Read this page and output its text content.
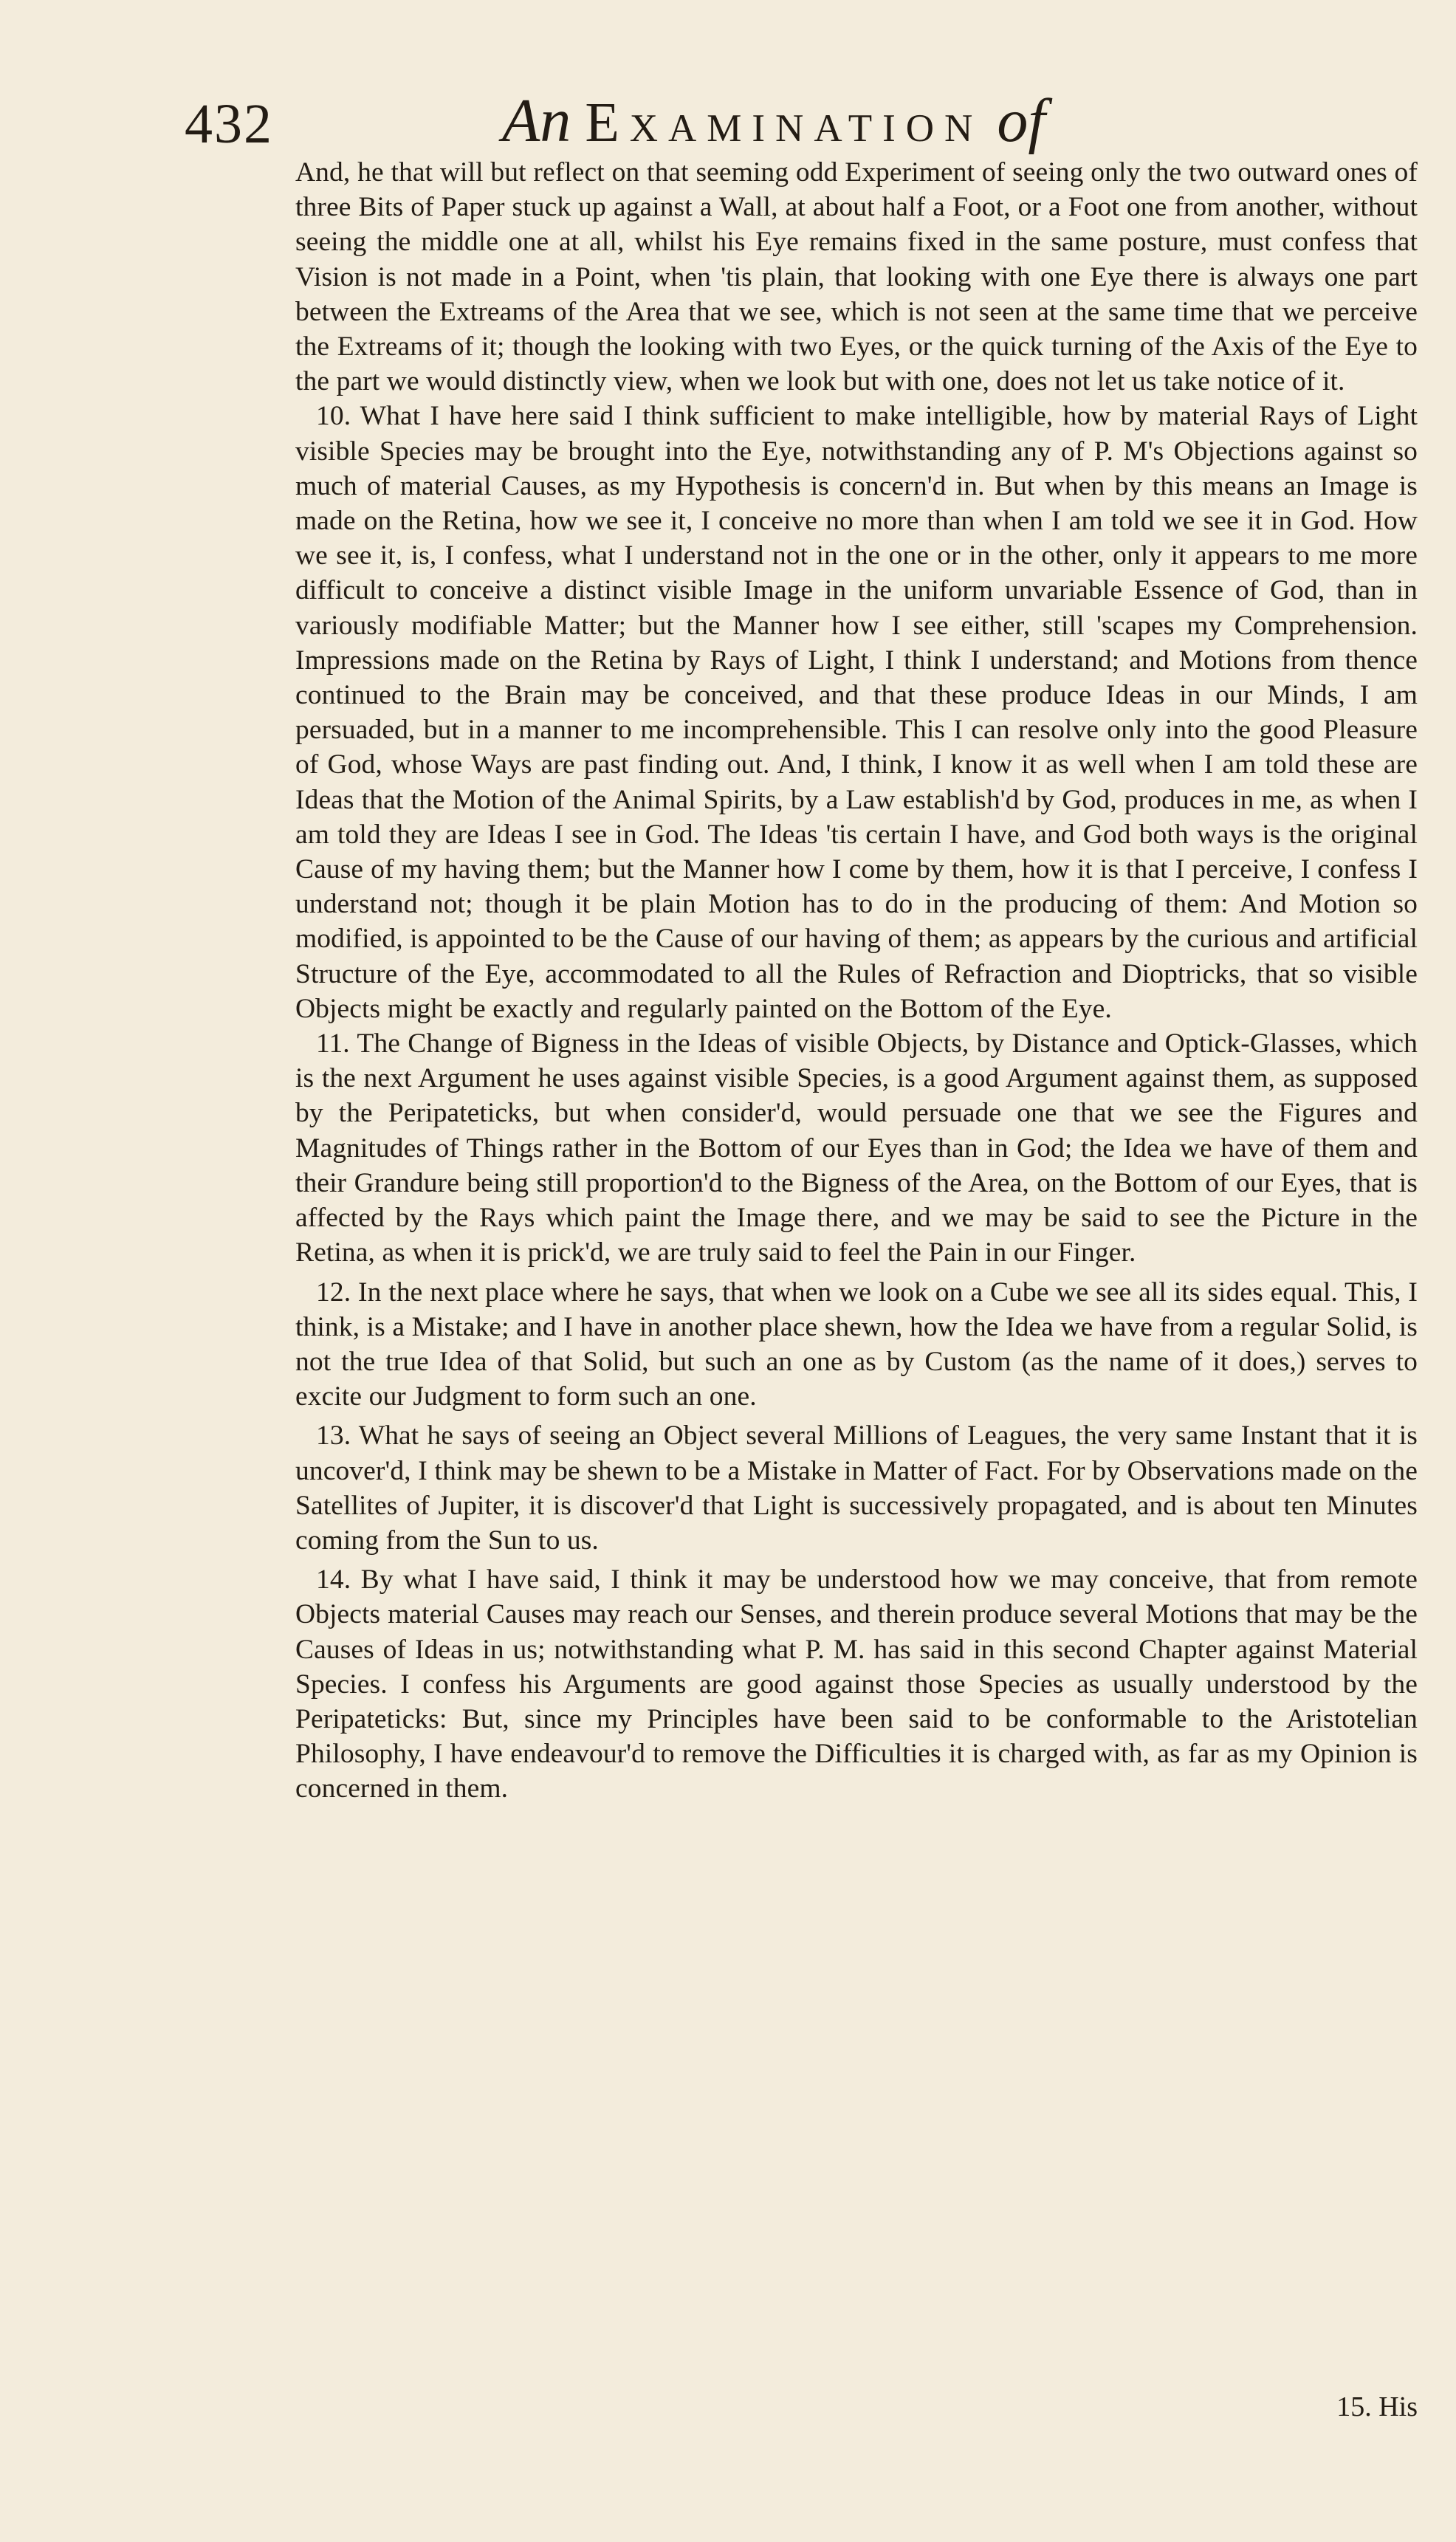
432	An Examination of

And, he that will but reflect on that seeming odd Experiment of seeing only the two outward ones of three Bits of Paper stuck up against a Wall, at about half a Foot, or a Foot one from another, without seeing the middle one at all, whilst his Eye remains fixed in the same posture, must confess that Vision is not made in a Point, when 'tis plain, that looking with one Eye there is always one part between the Extreams of the Area that we see, which is not seen at the same time that we perceive the Extreams of it; though the looking with two Eyes, or the quick turning of the Axis of the Eye to the part we would distinctly view, when we look but with one, does not let us take notice of it.

10. What I have here said I think sufficient to make intelligible, how by material Rays of Light visible Species may be brought into the Eye, notwithstanding any of P. M's Objections against so much of material Causes, as my Hypothesis is concern'd in. But when by this means an Image is made on the Retina, how we see it, I conceive no more than when I am told we see it in God. How we see it, is, I confess, what I understand not in the one or in the other, only it appears to me more difficult to conceive a distinct visible Image in the uniform unvariable Essence of God, than in variously modifiable Matter; but the Manner how I see either, still 'scapes my Comprehension. Impressions made on the Retina by Rays of Light, I think I understand; and Motions from thence continued to the Brain may be conceived, and that these produce Ideas in our Minds, I am persuaded, but in a manner to me incomprehensible. This I can resolve only into the good Pleasure of God, whose Ways are past finding out. And, I think, I know it as well when I am told these are Ideas that the Motion of the Animal Spirits, by a Law establish'd by God, produces in me, as when I am told they are Ideas I see in God. The Ideas 'tis certain I have, and God both ways is the original Cause of my having them; but the Manner how I come by them, how it is that I perceive, I confess I understand not; though it be plain Motion has to do in the producing of them: And Motion so modified, is appointed to be the Cause of our having of them; as appears by the curious and artificial Structure of the Eye, accommodated to all the Rules of Refraction and Dioptricks, that so visible Objects might be exactly and regularly painted on the Bottom of the Eye.

11. The Change of Bigness in the Ideas of visible Objects, by Distance and Optick-Glasses, which is the next Argument he uses against visible Species, is a good Argument against them, as supposed by the Peripateticks, but when consider'd, would persuade one that we see the Figures and Magnitudes of Things rather in the Bottom of our Eyes than in God; the Idea we have of them and their Grandure being still proportion'd to the Bigness of the Area, on the Bottom of our Eyes, that is affected by the Rays which paint the Image there, and we may be said to see the Picture in the Retina, as when it is prick'd, we are truly said to feel the Pain in our Finger.

12. In the next place where he says, that when we look on a Cube we see all its sides equal. This, I think, is a Mistake; and I have in another place shewn, how the Idea we have from a regular Solid, is not the true Idea of that Solid, but such an one as by Custom (as the name of it does,) serves to excite our Judgment to form such an one.

13. What he says of seeing an Object several Millions of Leagues, the very same Instant that it is uncover'd, I think may be shewn to be a Mistake in Matter of Fact. For by Observations made on the Satellites of Jupiter, it is discover'd that Light is successively propagated, and is about ten Minutes coming from the Sun to us.

14. By what I have said, I think it may be understood how we may conceive, that from remote Objects material Causes may reach our Senses, and therein produce several Motions that may be the Causes of Ideas in us; notwithstanding what P. M. has said in this second Chapter against Material Species. I confess his Arguments are good against those Species as usually understood by the Peripateticks: But, since my Principles have been said to be conformable to the Aristotelian Philosophy, I have endeavour'd to remove the Difficulties it is charged with, as far as my Opinion is concerned in them.

15. His
